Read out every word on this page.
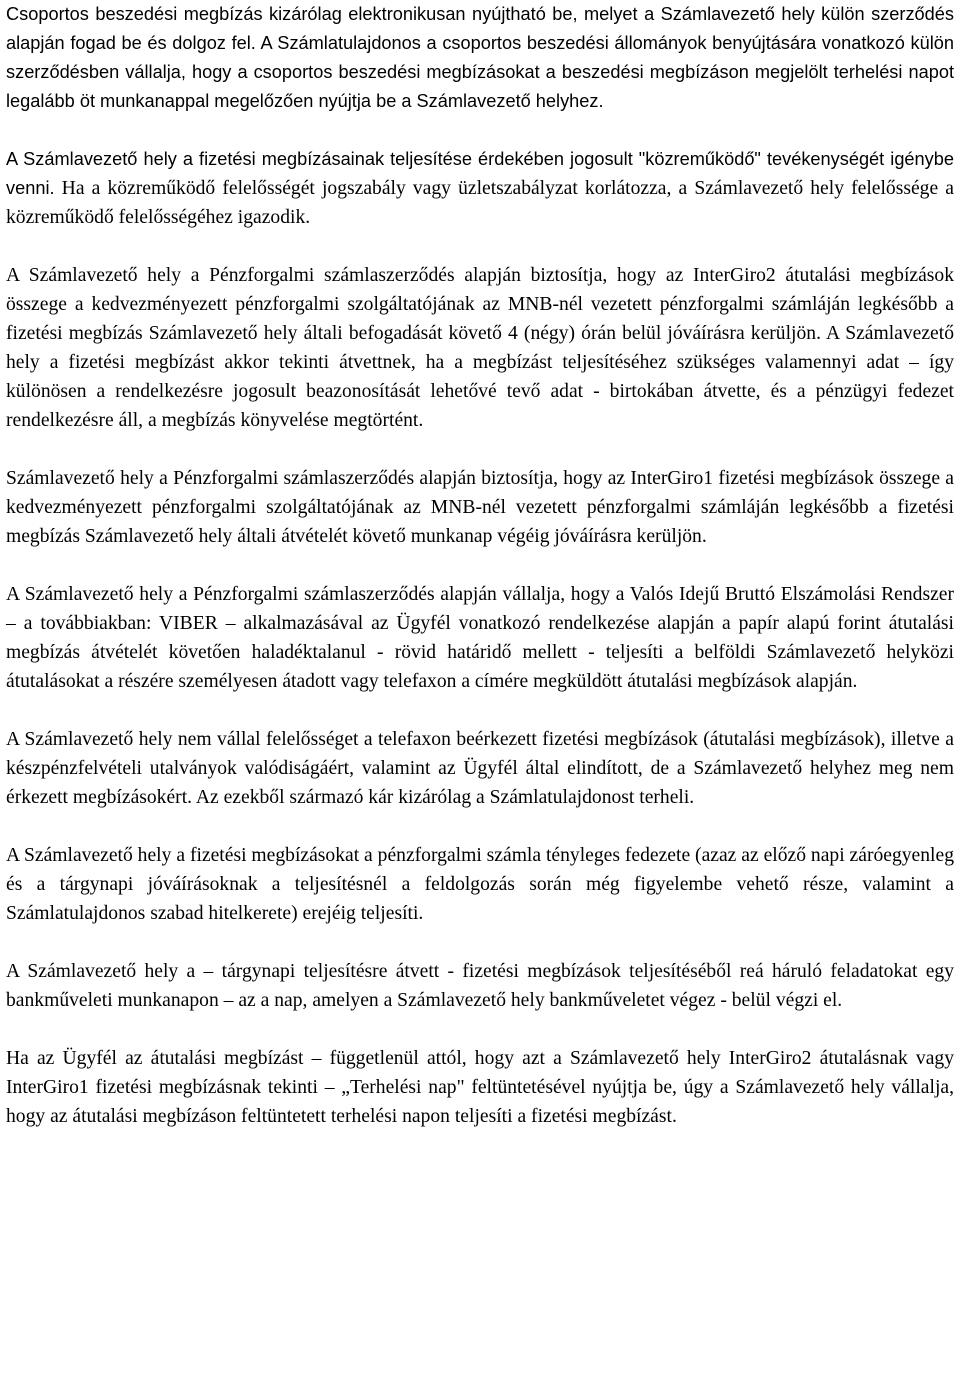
Csoportos beszedési megbízás kizárólag elektronikusan nyújtható be, melyet a Számlavezető hely külön szerződés alapján fogad be és dolgoz fel. A Számlatulajdonos a csoportos beszedési állományok benyújtására vonatkozó külön szerződésben vállalja, hogy a csoportos beszedési megbízásokat a beszedési megbízáson megjelölt terhelési napot legalább öt munkanappal megelőzően nyújtja be a Számlavezető helyhez.

A Számlavezető hely a fizetési megbízásainak teljesítése érdekében jogosult "közreműködő" tevékenységét igénybe venni. Ha a közreműködő felelősségét jogszabály vagy üzletszabályzat korlátozza, a Számlavezető hely felelőssége a közreműködő felelősségéhez igazodik.

A Számlavezető hely a Pénzforgalmi számlaszerződés alapján biztosítja, hogy az InterGiro2 átutalási megbízások összege a kedvezményezett pénzforgalmi szolgáltatójának az MNB-nél vezetett pénzforgalmi számláján legkésőbb a fizetési megbízás Számlavezető hely általi befogadását követő 4 (négy) órán belül jóváírásra kerüljön. A Számlavezető hely a fizetési megbízást akkor tekinti átvettnek, ha a megbízást teljesítéséhez szükséges valamennyi adat – így különösen a rendelkezésre jogosult beazonosítását lehetővé tevő adat - birtokában átvette, és a pénzügyi fedezet rendelkezésre áll, a megbízás könyvelése megtörtént.

Számlavezető hely a Pénzforgalmi számlaszerződés alapján biztosítja, hogy az InterGiro1 fizetési megbízások összege a kedvezményezett pénzforgalmi szolgáltatójának az MNB-nél vezetett pénzforgalmi számláján legkésőbb a fizetési megbízás Számlavezető hely általi átvételét követő munkanap végéig jóváírásra kerüljön.

A Számlavezető hely a Pénzforgalmi számlaszerződés alapján vállalja, hogy a Valós Idejű Bruttó Elszámolási Rendszer – a továbbiakban: VIBER – alkalmazásával az Ügyfél vonatkozó rendelkezése alapján a papír alapú forint átutalási megbízás átvételét követően haladéktalanul - rövid határidő mellett - teljesíti a belföldi Számlavezető helyközi átutalásokat a részére személyesen átadott vagy telefaxon a címére megküldött átutalási megbízások alapján.

A Számlavezető hely nem vállal felelősséget a telefaxon beérkezett fizetési megbízások (átutalási megbízások), illetve a készpénzfelvételi utalványok valódiságáért, valamint az Ügyfél által elindított, de a Számlavezető helyhez meg nem érkezett megbízásokért. Az ezekből származó kár kizárólag a Számlatulajdonost terheli.

A Számlavezető hely a fizetési megbízásokat a pénzforgalmi számla tényleges fedezete (azaz az előző napi záróegyenleg és a tárgynapi jóváírásoknak a teljesítésnél a feldolgozás során még figyelembe vehető része, valamint a Számlatulajdonos szabad hitelkerete) erejéig teljesíti.

A Számlavezető hely a – tárgynapi teljesítésre átvett - fizetési megbízások teljesítéséből reá háruló feladatokat egy bankműveleti munkanapon – az a nap, amelyen a Számlavezető hely bankműveletet végez - belül végzi el.

Ha az Ügyfél az átutalási megbízást – függetlenül attól, hogy azt a Számlavezető hely InterGiro2 átutalásnak vagy InterGiro1 fizetési megbízásnak tekinti – „Terhelési nap" feltüntetésével nyújtja be, úgy a Számlavezető hely vállalja, hogy az átutalási megbízáson feltüntetett terhelési napon teljesíti a fizetési megbízást.
